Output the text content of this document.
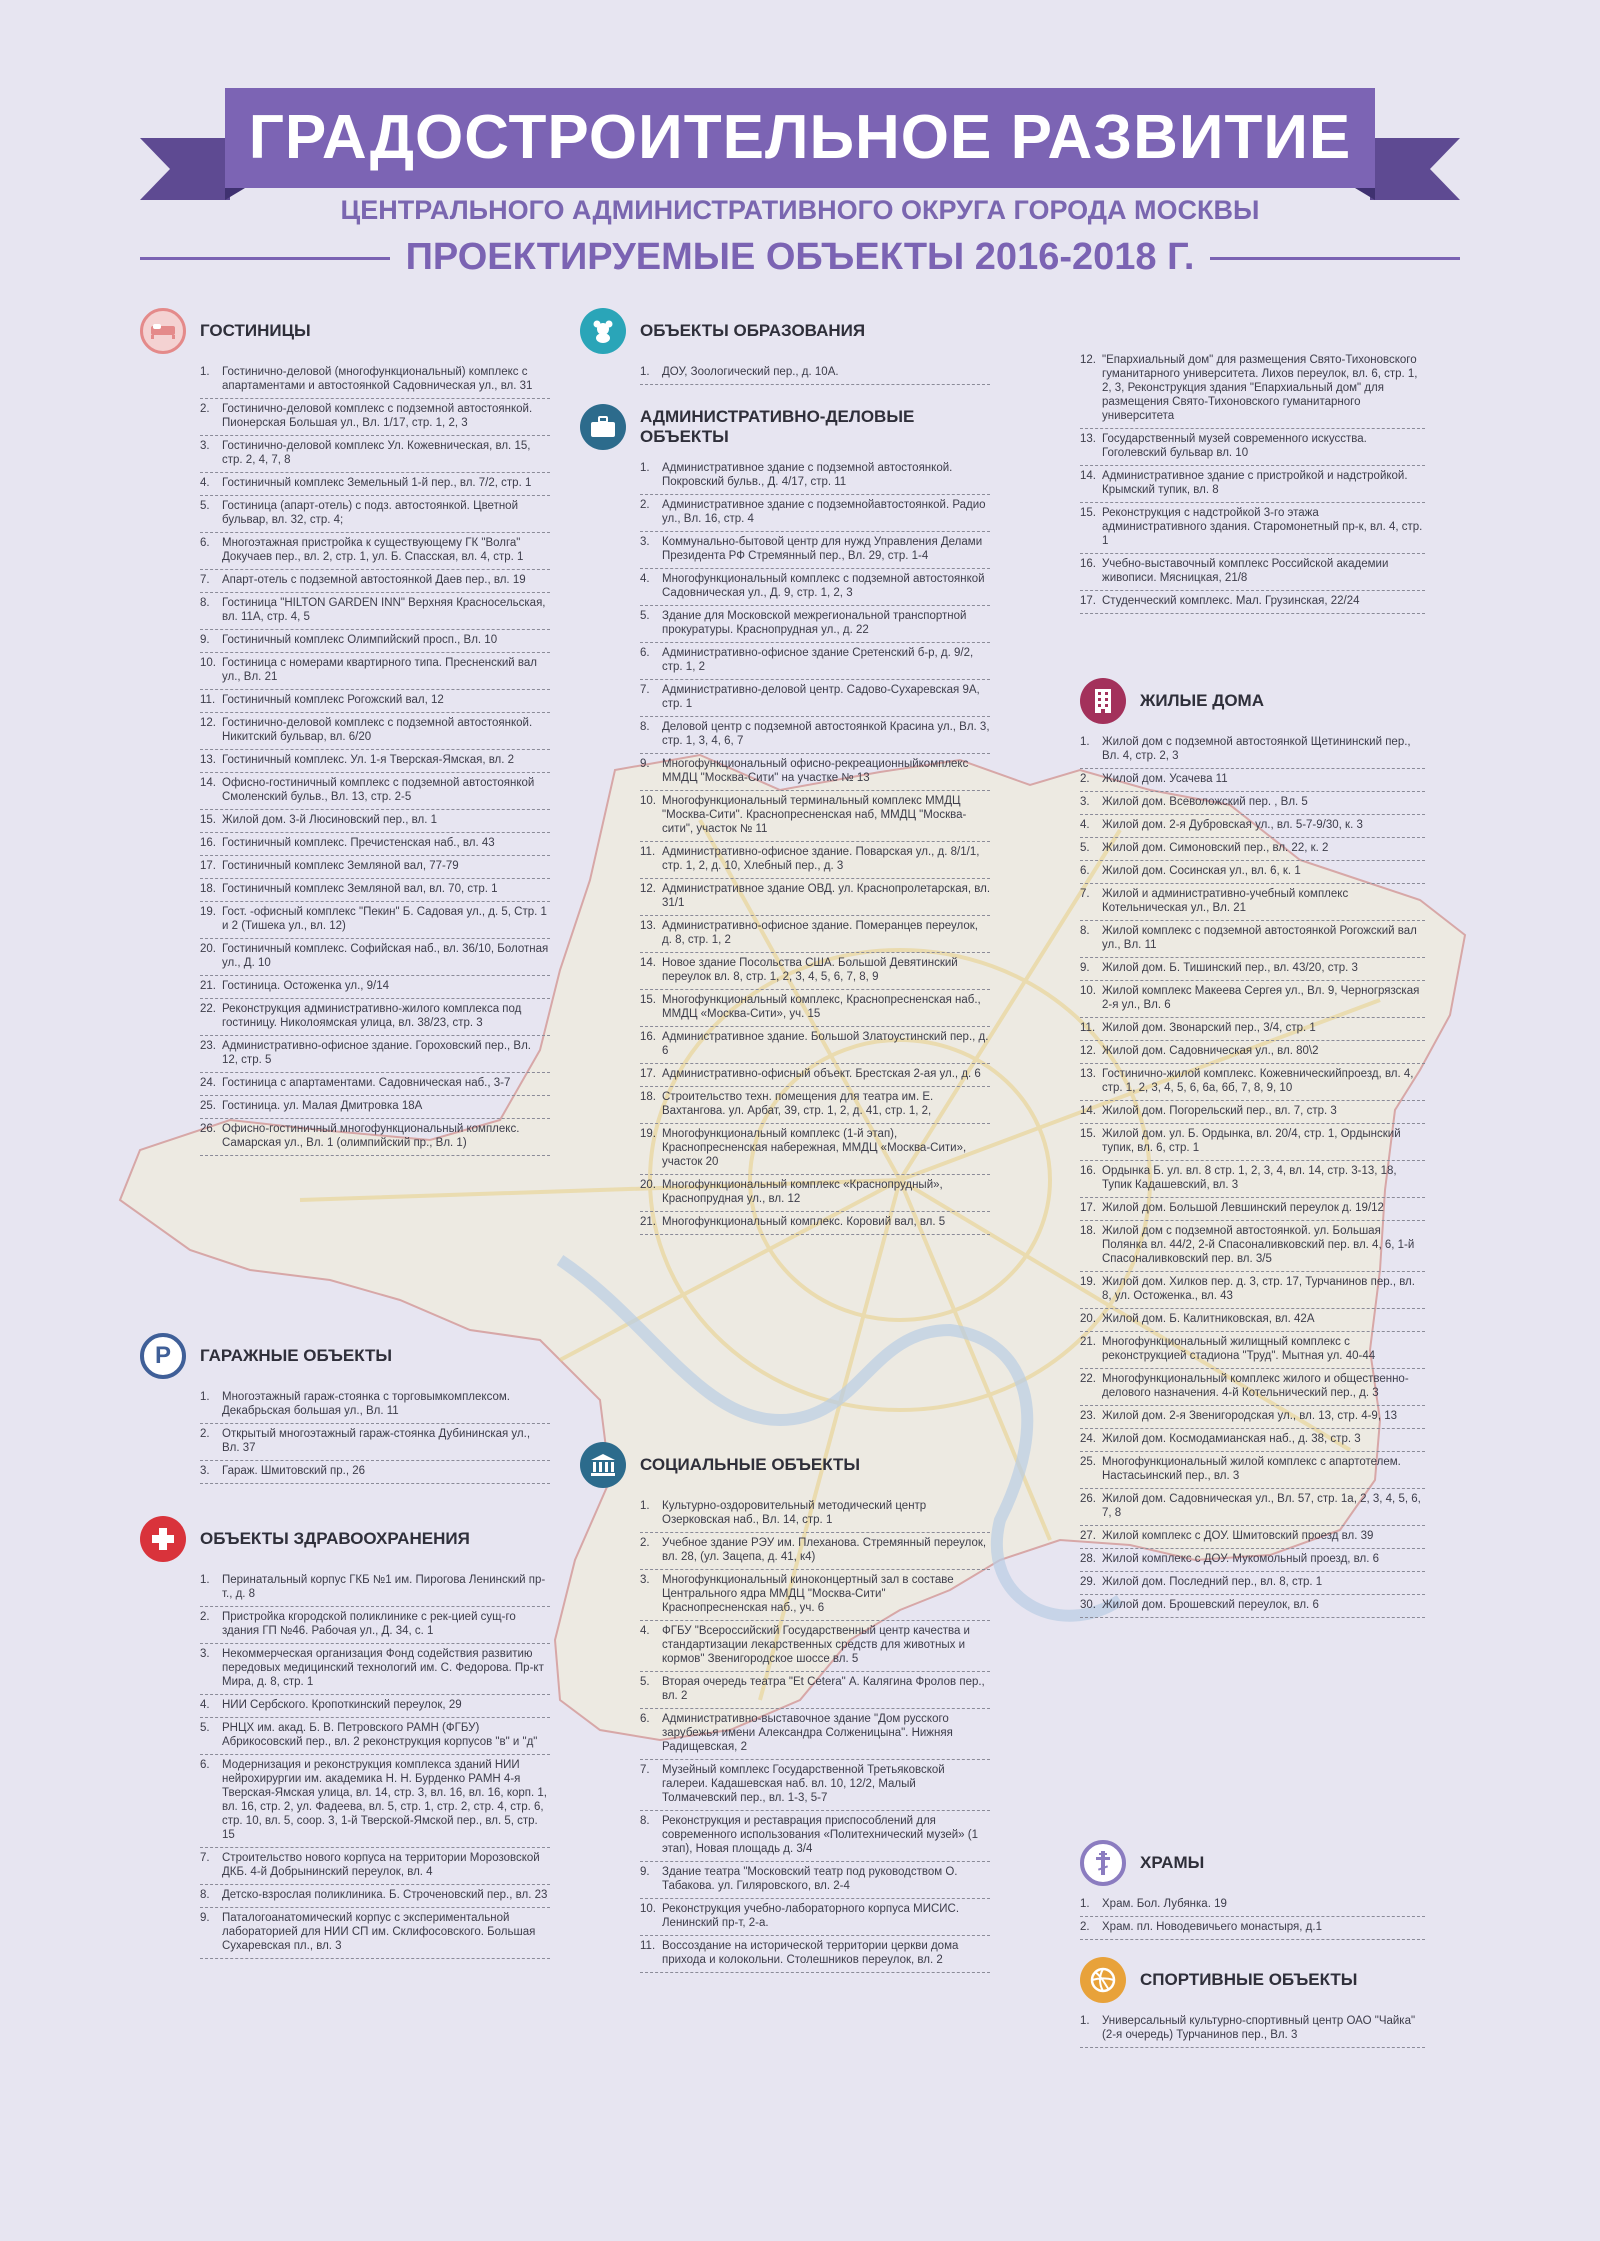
ГРАДОСТРОИТЕЛЬНОЕ РАЗВИТИЕ
ЦЕНТРАЛЬНОГО АДМИНИСТРАТИВНОГО ОКРУГА ГОРОДА МОСКВЫ
ПРОЕКТИРУЕМЫЕ ОБЪЕКТЫ 2016-2018 Г.
ГОСТИНИЦЫ
1.	Гостинично-деловой (многофункциональный) комплекс с апартаментами и автостоянкой Садовническая ул., вл. 31
2.	Гостинично-деловой комплекс с подземной автостоянкой. Пионерская Большая ул., Вл. 1/17, стр. 1, 2, 3
3.	Гостинично-деловой комплекс Ул. Кожевническая, вл. 15, стр. 2, 4, 7, 8
4.	Гостиничный комплекс Земельный 1-й пер., вл. 7/2, стр. 1
5.	Гостиница (апарт-отель) с подз. автостоянкой. Цветной бульвар, вл. 32, стр. 4;
6.	Многоэтажная пристройка к существующему ГК "Волга" Докучаев пер., вл. 2, стр. 1, ул. Б. Спасская, вл. 4, стр. 1
7.	Апарт-отель с подземной автостоянкой Даев пер., вл. 19
8.	Гостиница "HILTON GARDEN INN" Верхняя Красносельская, вл. 11А, стр. 4, 5
9.	Гостиничный комплекс Олимпийский просп., Вл. 10
10. Гостиница с номерами квартирного типа. Пресненский вал ул., Вл. 21
11. Гостиничный комплекс Рогожский вал, 12
12. Гостинично-деловой комплекс с подземной автостоянкой. Никитский бульвар, вл. 6/20
13. Гостиничный комплекс. Ул. 1-я Тверская-Ямская, вл. 2
14. Офисно-гостиничный комплекс с подземной автостоянкой Смоленский бульв., Вл. 13, стр. 2-5
15. Жилой дом. 3-й Люсиновский пер., вл. 1
16. Гостиничный комплекс. Пречистенская наб., вл. 43
17. Гостиничный комплекс Земляной вал, 77-79
18. Гостиничный комплекс Земляной вал, вл. 70, стр. 1
19. Гост. -офисный комплекс "Пекин" Б. Садовая ул., д. 5, Стр. 1 и 2 (Тишека ул., вл. 12)
20. Гостиничный комплекс. Софийская наб., вл. 36/10, Болотная ул., Д. 10
21. Гостиница. Остоженка ул., 9/14
22. Реконструкция административно-жилого комплекса под гостиницу. Николоямская улица, вл. 38/23, стр. 3
23. Административно-офисное здание. Гороховский пер., Вл. 12, стр. 5
24. Гостиница с апартаментами. Садовническая наб., 3-7
25. Гостиница. ул. Малая Дмитровка 18А
26. Офисно-гостиничный многофункциональный комплекс. Самарская ул., Вл. 1 (олимпийский пр., Вл. 1)
P ГАРАЖНЫЕ ОБЪЕКТЫ
1.	Многоэтажный гараж-стоянка с торговымкомплексом. Декабрьская большая ул., Вл. 11
2.	Открытый многоэтажный гараж-стоянка Дубининская ул., Вл. 37
3.	Гараж. Шмитовский пр., 26
ОБЪЕКТЫ ЗДРАВООХРАНЕНИЯ
1.	Перинатальный корпус ГКБ №1 им. Пирогова Ленинский пр-т., д. 8
2.	Пристройка кгородской поликлинике с рек-цией сущ-го здания ГП №46. Рабочая ул., Д. 34, с. 1
3.	Некоммерческая организация Фонд содействия развитию передовых медицинский технологий им. С. Федорова. Пр-кт Мира, д. 8, стр. 1
4.	НИИ Сербского. Кропоткинский переулок, 29
5.	РНЦХ им. акад. Б. В. Петровского РАМН (ФГБУ) Абрикосовский пер., вл. 2 реконструкция корпусов "в" и "д"
6.	Модернизация и реконструкция комплекса зданий НИИ нейрохирургии им. академика Н. Н. Бурденко РАМН 4-я Тверская-Ямская улица, вл. 14, стр. 3, вл. 16, вл. 16, корп. 1, вл. 16, стр. 2, ул. Фадеева, вл. 5, стр. 1, стр. 2, стр. 4, стр. 6, стр. 10, вл. 5, соор. 3, 1-й Тверской-Ямской пер., вл. 5, стр. 15
7.	Строительство нового корпуса на территории Морозовской ДКБ. 4-й Добрынинский переулок, вл. 4
8.	Детско-взрослая поликлиника. Б. Строченовский пер., вл. 23
9.	Паталогоанатомический корпус с экспериментальной лабораторией для НИИ СП им. Склифосовского. Большая Сухаревская пл., вл. 3
ОБЪЕКТЫ ОБРАЗОВАНИЯ
1.	ДОУ, Зоологический пер., д. 10А.
АДМИНИСТРАТИВНО-ДЕЛОВЫЕ ОБЪЕКТЫ
1.	Административное здание с подземной автостоянкой. Покровский бульв., Д. 4/17, стр. 11
2.	Административное здание с подземнойавтостоянкой. Радио ул., Вл. 16, стр. 4
3.	Коммунально-бытовой центр для нужд Управления Делами Президента РФ Стремянный пер., Вл. 29, стр. 1-4
4.	Многофункциональный комплекс с подземной автостоянкой Садовническая ул., Д. 9, стр. 1, 2, 3
5.	Здание для Московской межрегиональной транспортной прокуратуры. Краснопрудная ул., д. 22
6.	Административно-офисное здание Сретенский б-р, д. 9/2, стр. 1, 2
7.	Административно-деловой центр. Садово-Сухаревская 9А, стр. 1
8.	Деловой центр с подземной автостоянкой Красина ул., Вл. 3, стр. 1, 3, 4, 6, 7
9.	Многофункциональный офисно-рекреационныйкомплекс ММДЦ "Москва-Сити" на участке № 13
10. Многофункциональный терминальный комплекс ММДЦ "Москва-Сити". Краснопресненская наб, ММДЦ "Москва-сити", участок № 11
11. Административно-офисное здание. Поварская ул., д. 8/1/1, стр. 1, 2, д. 10, Хлебный пер., д. 3
12. Административное здание ОВД. ул. Краснопролетарская, вл. 31/1
13. Административно-офисное здание. Померанцев переулок, д. 8, стр. 1, 2
14. Новое здание Посольства США. Большой Девятинский переулок вл. 8, стр. 1, 2, 3, 4, 5, 6, 7, 8, 9
15. Многофункциональный комплекс, Краснопресненская наб., ММДЦ «Москва-Сити», уч. 15
16. Административное здание. Большой Златоустинский пер., д. 6
17. Административно-офисный объект. Брестская 2-ая ул., д. 6
18. Строительство техн. помещения для театра им. Е. Вахтангова. ул. Арбат, 39, стр. 1, 2, д. 41, стр. 1, 2,
19. Многофункциональный комплекс (1-й этап), Краснопресненская набережная, ММДЦ «Москва-Сити», участок 20
20. Многофункциональный комплекс «Краснопрудный», Краснопрудная ул., вл. 12
21. Многофункциональный комплекс. Коровий вал, вл. 5
СОЦИАЛЬНЫЕ ОБЪЕКТЫ
1.	Культурно-оздоровительный методический центр Озерковская наб., Вл. 14, стр. 1
2.	Учебное здание РЭУ им. Плеханова. Стремянный переулок, вл. 28, (ул. Зацепа, д. 41, к4)
3.	Многофункциональный киноконцертный зал в составе Центрального ядра ММДЦ "Москва-Сити" Краснопресненская наб., уч. 6
4.	ФГБУ "Всероссийский Государственный центр качества и стандартизации лекарственных средств для животных и кормов" Звенигородское шоссе вл. 5
5.	Вторая очередь театра "Et Cetera" А. Калягина Фролов пер., вл. 2
6.	Административно-выставочное здание "Дом русского зарубежья имени Александра Солженицына". Нижняя Радищевская, 2
7.	Музейный комплекс Государственной Третьяковской галереи. Кадашевская наб. вл. 10, 12/2, Малый Толмачевский пер., вл. 1-3, 5-7
8.	Реконструкция и реставрация приспособлений для современного использования «Политехнический музей» (1 этап), Новая площадь д. 3/4
9.	Здание театра "Московский театр под руководством О. Табакова. ул. Гиляровского, вл. 2-4
10. Реконструкция учебно-лабораторного корпуса МИСИС. Ленинский пр-т, 2-а.
11. Воссоздание на исторической территории церкви дома прихода и колокольни. Столешников переулок, вл. 2
12. "Епархиальный дом" для размещения Свято-Тихоновского гуманитарного университета. Лихов переулок, вл. 6, стр. 1, 2, 3, Реконструкция здания "Епархиальный дом" для размещения Свято-Тихоновского гуманитарного университета
13. Государственный музей современного искусства. Гоголевский бульвар вл. 10
14. Административное здание с пристройкой и надстройкой. Крымский тупик, вл. 8
15. Реконструкция с надстройкой 3-го этажа административного здания. Старомонетный пр-к, вл. 4, стр. 1
16. Учебно-выставочный комплекс Российской академии живописи. Мясницкая, 21/8
17. Студенческий комплекс. Мал. Грузинская, 22/24
ЖИЛЫЕ ДОМА
1.	Жилой дом с подземной автостоянкой Щетининский пер., Вл. 4, стр. 2, 3
2.	Жилой дом. Усачева 11
3.	Жилой дом. Всеволожский пер. , Вл. 5
4.	Жилой дом. 2-я Дубровская ул., вл. 5-7-9/30, к. 3
5.	Жилой дом. Симоновский пер., вл. 22, к. 2
6.	Жилой дом. Сосинская ул., вл. 6, к. 1
7.	Жилой и административно-учебный комплекс Котельническая ул., Вл. 21
8.	Жилой комплекс с подземной автостоянкой Рогожский вал ул., Вл. 11
9.	Жилой дом. Б. Тишинский пер., вл. 43/20, стр. 3
10. Жилой комплекс Макеева Сергея ул., Вл. 9, Черногрязская 2-я ул., Вл. 6
11. Жилой дом. Звонарский пер., 3/4, стр. 1
12. Жилой дом. Садовническая ул., вл. 80\2
13. Гостинично-жилой комплекс. Кожевническийпроезд, вл. 4, стр. 1, 2, 3, 4, 5, 6, 6а, 6б, 7, 8, 9, 10
14. Жилой дом. Погорельский пер., вл. 7, стр. 3
15. Жилой дом. ул. Б. Ордынка, вл. 20/4, стр. 1, Ордынский тупик, вл. 6, стр. 1
16. Ордынка Б. ул. вл. 8 стр. 1, 2, 3, 4, вл. 14, стр. 3-13, 18, Тупик Кадашевский, вл. 3
17. Жилой дом. Большой Левшинский переулок д. 19/12
18. Жилой дом с подземной автостоянкой. ул. Большая Полянка вл. 44/2, 2-й Спасоналивковский пер. вл. 4, 6, 1-й Спасоналивковский пер. вл. 3/5
19. Жилой дом. Хилков пер. д. 3, стр. 17, Турчанинов пер., вл. 8, ул. Остоженка., вл. 43
20. Жилой дом. Б. Калитниковская, вл. 42А
21. Многофункциональный жилищный комплекс с реконструкцией стадиона "Труд". Мытная ул. 40-44
22. Многофункциональный комплекс жилого и общественно-делового назначения. 4-й Котельнический пер., д. 3
23. Жилой дом. 2-я Звенигородская ул., вл. 13, стр. 4-9, 13
24. Жилой дом. Космодамианская наб., д. 38, стр. 3
25. Многофункциональный жилой комплекс с апартотелем. Настасьинский пер., вл. 3
26. Жилой дом. Садовническая ул., Вл. 57, стр. 1а, 2, 3, 4, 5, 6, 7, 8
27. Жилой комплекс с ДОУ. Шмитовский проезд вл. 39
28. Жилой комплекс с ДОУ. Мукомольный проезд, вл. 6
29. Жилой дом. Последний пер., вл. 8, стр. 1
30. Жилой дом. Брошевский переулок, вл. 6
ХРАМЫ
1.	Храм. Бол. Лубянка. 19
2.	Храм. пл. Новодевичьего монастыря, д.1
СПОРТИВНЫЕ ОБЪЕКТЫ
1.	Универсальный культурно-спортивный центр ОАО "Чайка" (2-я очередь) Турчанинов пер., Вл. 3
